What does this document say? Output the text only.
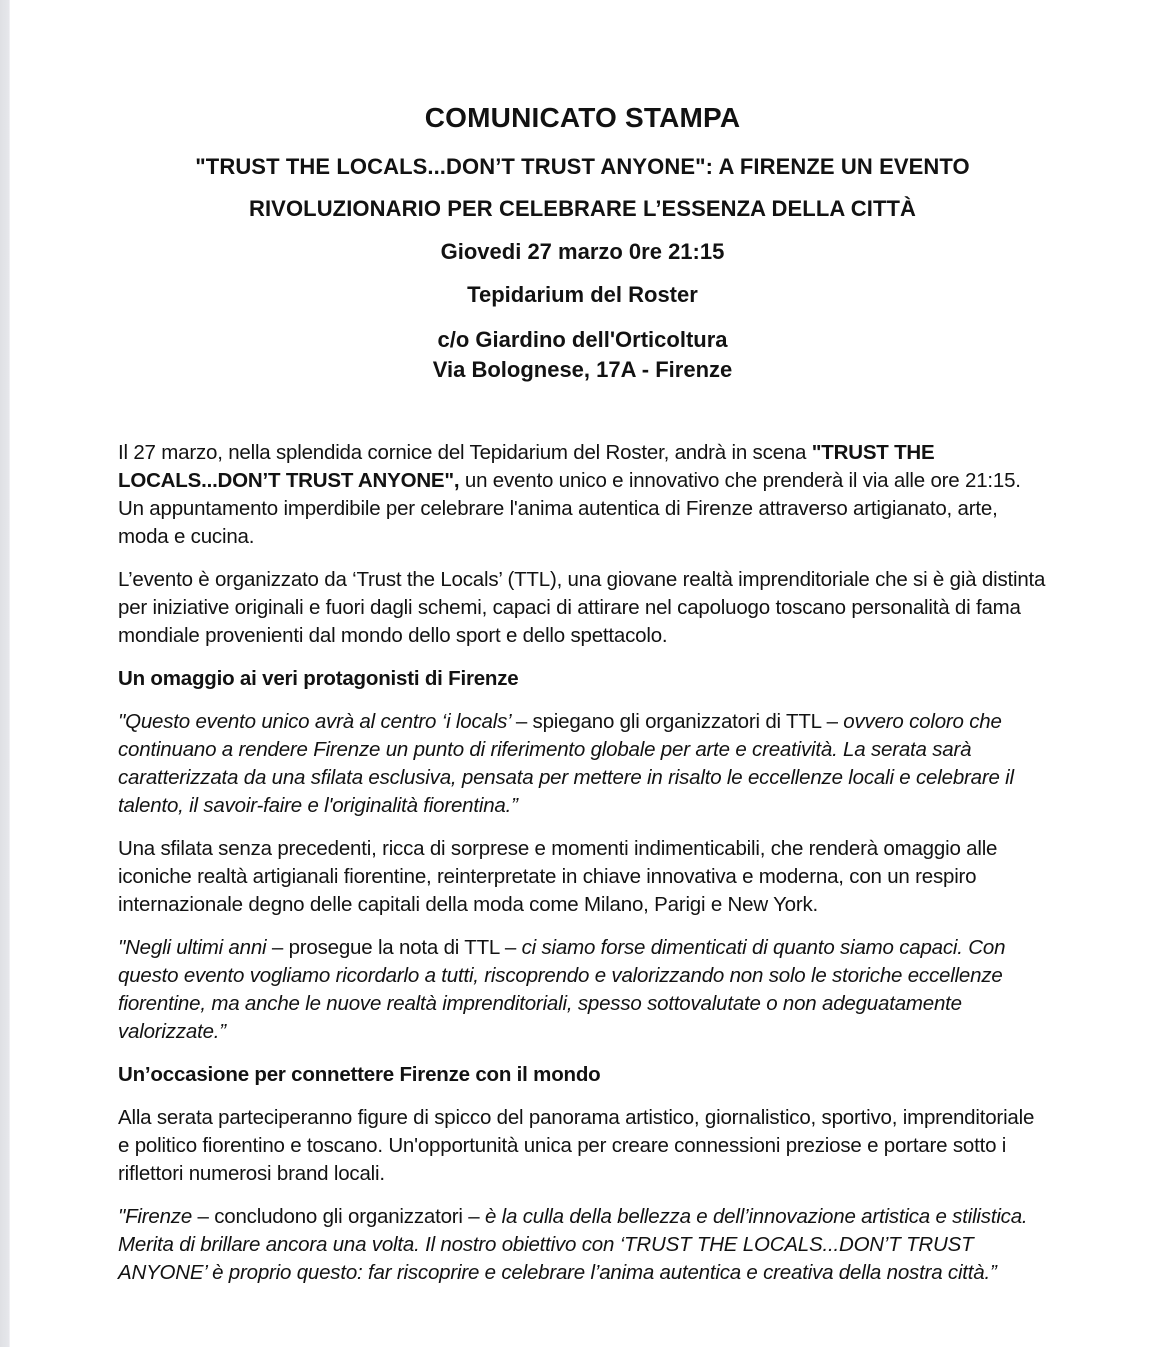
COMUNICATO STAMPA

"TRUST THE LOCALS...DON’T TRUST ANYONE": A FIRENZE UN EVENTO

RIVOLUZIONARIO PER CELEBRARE L’ESSENZA DELLA CITTÀ

Giovedi 27 marzo 0re 21:15

Tepidarium del Roster

c/o Giardino dell'Orticoltura
Via Bolognese, 17A - Firenze

Il 27 marzo, nella splendida cornice del Tepidarium del Roster, andrà in scena "TRUST THE LOCALS...DON’T TRUST ANYONE", un evento unico e innovativo che prenderà il via alle ore 21:15. Un appuntamento imperdibile per celebrare l'anima autentica di Firenze attraverso artigianato, arte, moda e cucina.

L’evento è organizzato da ‘Trust the Locals’ (TTL), una giovane realtà imprenditoriale che si è già distinta per iniziative originali e fuori dagli schemi, capaci di attirare nel capoluogo toscano personalità di fama mondiale provenienti dal mondo dello sport e dello spettacolo.

Un omaggio ai veri protagonisti di Firenze

"Questo evento unico avrà al centro ‘i locals’ – spiegano gli organizzatori di TTL – ovvero coloro che continuano a rendere Firenze un punto di riferimento globale per arte e creatività. La serata sarà caratterizzata da una sfilata esclusiva, pensata per mettere in risalto le eccellenze locali e celebrare il talento, il savoir-faire e l'originalità fiorentina.”

Una sfilata senza precedenti, ricca di sorprese e momenti indimenticabili, che renderà omaggio alle iconiche realtà artigianali fiorentine, reinterpretate in chiave innovativa e moderna, con un respiro internazionale degno delle capitali della moda come Milano, Parigi e New York.

"Negli ultimi anni – prosegue la nota di TTL – ci siamo forse dimenticati di quanto siamo capaci. Con questo evento vogliamo ricordarlo a tutti, riscoprendo e valorizzando non solo le storiche eccellenze fiorentine, ma anche le nuove realtà imprenditoriali, spesso sottovalutate o non adeguatamente valorizzate.”

Un’occasione per connettere Firenze con il mondo

Alla serata parteciperanno figure di spicco del panorama artistico, giornalistico, sportivo, imprenditoriale e politico fiorentino e toscano. Un'opportunità unica per creare connessioni preziose e portare sotto i riflettori numerosi brand locali.

"Firenze – concludono gli organizzatori – è la culla della bellezza e dell’innovazione artistica e stilistica. Merita di brillare ancora una volta. Il nostro obiettivo con ‘TRUST THE LOCALS...DON’T TRUST ANYONE’ è proprio questo: far riscoprire e celebrare l’anima autentica e creativa della nostra città.”
